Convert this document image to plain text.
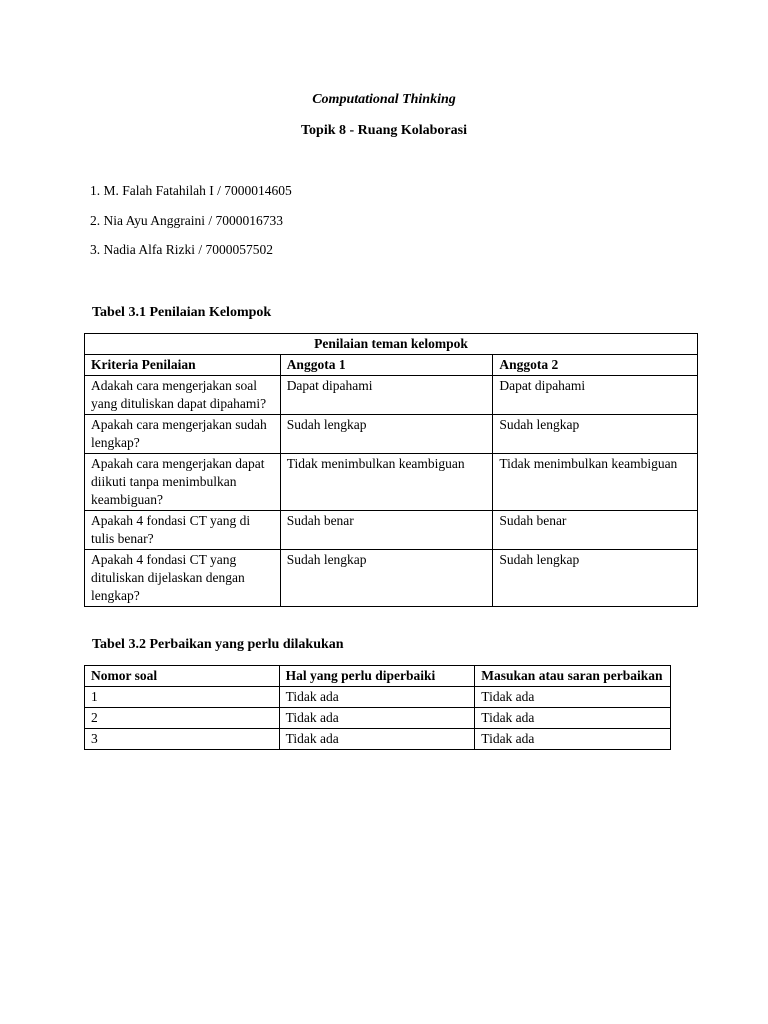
Computational Thinking
Topik 8 - Ruang Kolaborasi
1. M. Falah Fatahilah I / 7000014605
2. Nia Ayu Anggraini / 7000016733
3. Nadia Alfa Rizki / 7000057502
Tabel 3.1 Penilaian Kelompok
Penilaian teman kelompok		
Kriteria Penilaian	Anggota 1	Anggota 2
Adakah cara mengerjakan soal yang dituliskan dapat dipahami?	Dapat dipahami	Dapat dipahami
Apakah cara mengerjakan sudah lengkap?	Sudah lengkap	Sudah lengkap
Apakah cara mengerjakan dapat diikuti tanpa menimbulkan keambiguan?	Tidak menimbulkan keambiguan	Tidak menimbulkan keambiguan
Apakah 4 fondasi CT yang di tulis benar?	Sudah benar	Sudah benar
Apakah 4 fondasi CT yang dituliskan dijelaskan dengan lengkap?	Sudah lengkap	Sudah lengkap
Tabel 3.2 Perbaikan yang perlu dilakukan
Nomor soal	Hal yang perlu diperbaiki	Masukan atau saran perbaikan
1	Tidak ada	Tidak ada
2	Tidak ada	Tidak ada
3	Tidak ada	Tidak ada
